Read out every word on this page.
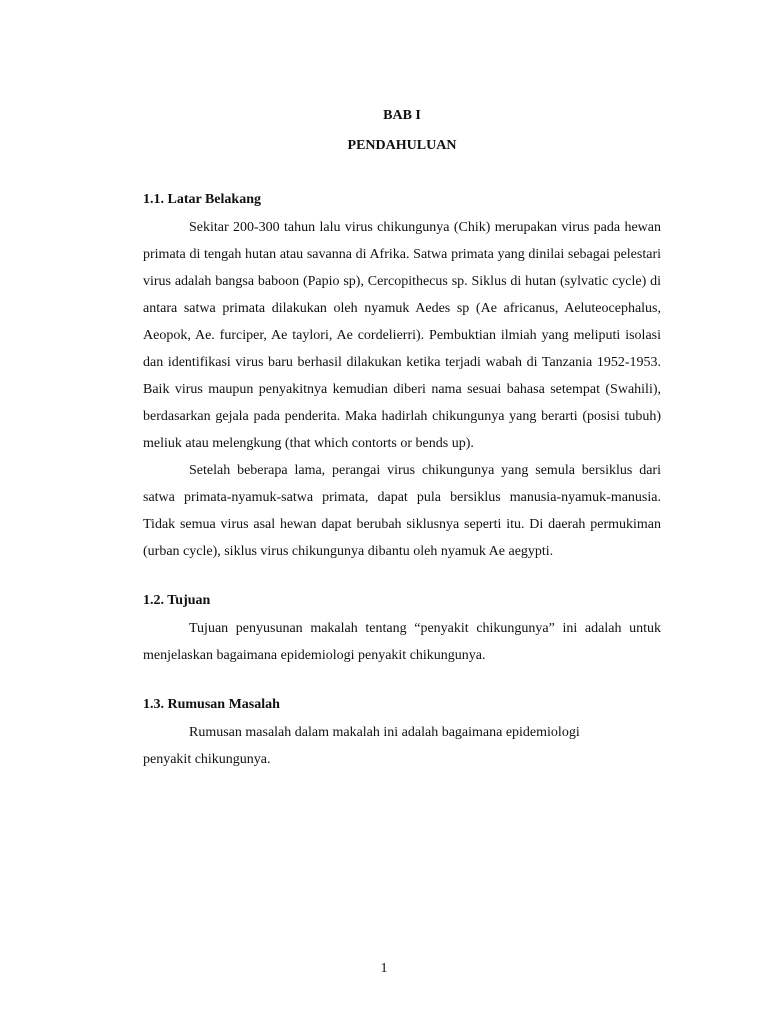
BAB I

PENDAHULUAN

1.1. Latar Belakang

Sekitar 200-300 tahun lalu virus chikungunya (Chik) merupakan virus pada hewan primata di tengah hutan atau savanna di Afrika. Satwa primata yang dinilai sebagai pelestari virus adalah bangsa baboon (Papio sp), Cercopithecus sp. Siklus di hutan (sylvatic cycle) di antara satwa primata dilakukan oleh nyamuk Aedes sp (Ae africanus, Aeluteocephalus, Aeopok, Ae. furciper, Ae taylori, Ae cordelierri). Pembuktian ilmiah yang meliputi isolasi dan identifikasi virus baru berhasil dilakukan ketika terjadi wabah di Tanzania 1952-1953. Baik virus maupun penyakitnya kemudian diberi nama sesuai bahasa setempat (Swahili), berdasarkan gejala pada penderita. Maka hadirlah chikungunya yang berarti (posisi tubuh) meliuk atau melengkung (that which contorts or bends up).

Setelah beberapa lama, perangai virus chikungunya yang semula bersiklus dari satwa primata-nyamuk-satwa primata, dapat pula bersiklus manusia-nyamuk-manusia. Tidak semua virus asal hewan dapat berubah siklusnya seperti itu. Di daerah permukiman (urban cycle), siklus virus chikungunya dibantu oleh nyamuk Ae aegypti.

1.2. Tujuan

Tujuan penyusunan makalah tentang “penyakit chikungunya” ini adalah untuk menjelaskan bagaimana epidemiologi penyakit chikungunya.

1.3. Rumusan Masalah

Rumusan masalah dalam makalah ini adalah bagaimana epidemiologi penyakit chikungunya.

1
